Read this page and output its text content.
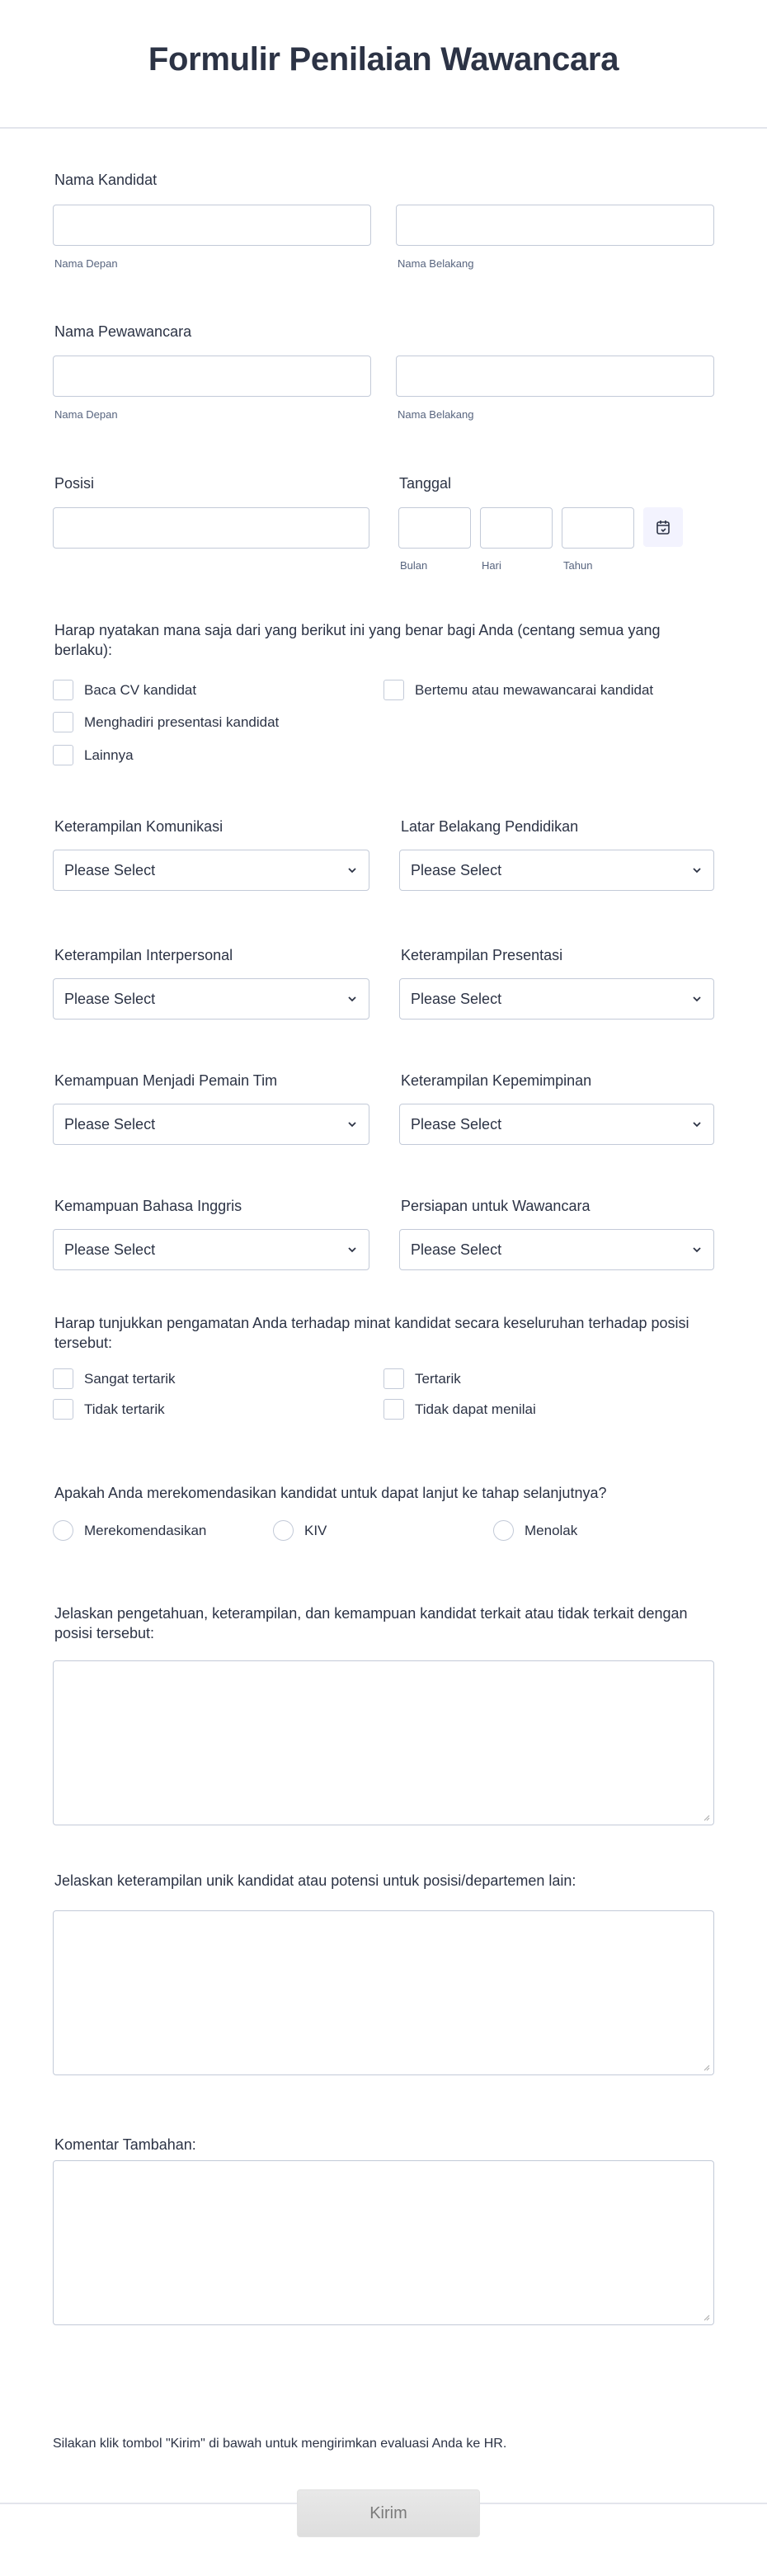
Formulir Penilaian Wawancara
Nama Kandidat
Nama Depan	Nama Belakang
Nama Pewawancara
Nama Depan	Nama Belakang
Posisi	Tanggal
Bulan	Hari	Tahun
Harap nyatakan mana saja dari yang berikut ini yang benar bagi Anda (centang semua yang berlaku):
Baca CV kandidat	Bertemu atau mewawancarai kandidat
Menghadiri presentasi kandidat
Lainnya
Keterampilan Komunikasi
Please Select
Latar Belakang Pendidikan
Please Select
Keterampilan Interpersonal
Please Select
Keterampilan Presentasi
Please Select
Kemampuan Menjadi Pemain Tim
Please Select
Keterampilan Kepemimpinan
Please Select
Kemampuan Bahasa Inggris
Please Select
Persiapan untuk Wawancara
Please Select
Harap tunjukkan pengamatan Anda terhadap minat kandidat secara keseluruhan terhadap posisi tersebut:
Sangat tertarik	Tertarik
Tidak tertarik	Tidak dapat menilai
Apakah Anda merekomendasikan kandidat untuk dapat lanjut ke tahap selanjutnya?
Merekomendasikan	KIV	Menolak
Jelaskan pengetahuan, keterampilan, dan kemampuan kandidat terkait atau tidak terkait dengan posisi tersebut:
Jelaskan keterampilan unik kandidat atau potensi untuk posisi/departemen lain:
Komentar Tambahan:
Silakan klik tombol "Kirim" di bawah untuk mengirimkan evaluasi Anda ke HR.
Kirim
